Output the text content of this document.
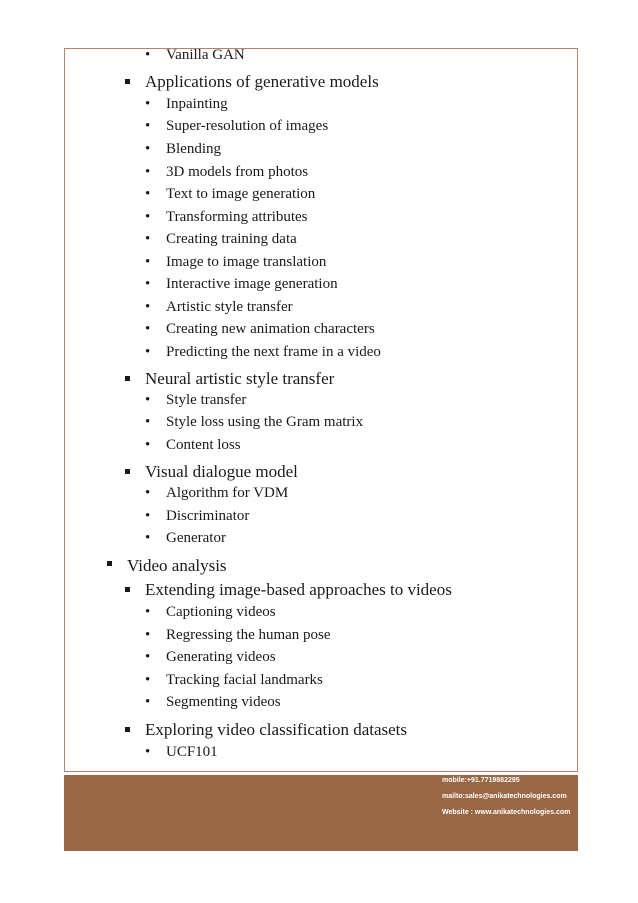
• Vanilla GAN
Applications of generative models
• Inpainting
• Super-resolution of images
• Blending
• 3D models from photos
• Text to image generation
• Transforming attributes
• Creating training data
• Image to image translation
• Interactive image generation
• Artistic style transfer
• Creating new animation characters
• Predicting the next frame in a video
Neural artistic style transfer
• Style transfer
• Style loss using the Gram matrix
• Content loss
Visual dialogue model
• Algorithm for VDM
• Discriminator
• Generator
Video analysis
Extending image-based approaches to videos
• Captioning videos
• Regressing the human pose
• Generating videos
• Tracking facial landmarks
• Segmenting videos
Exploring video classification datasets
• UCF101
mobile:+91.7719882295
mailto:sales@anikatechnologies.com
Website : www.anikatechnologies.com
